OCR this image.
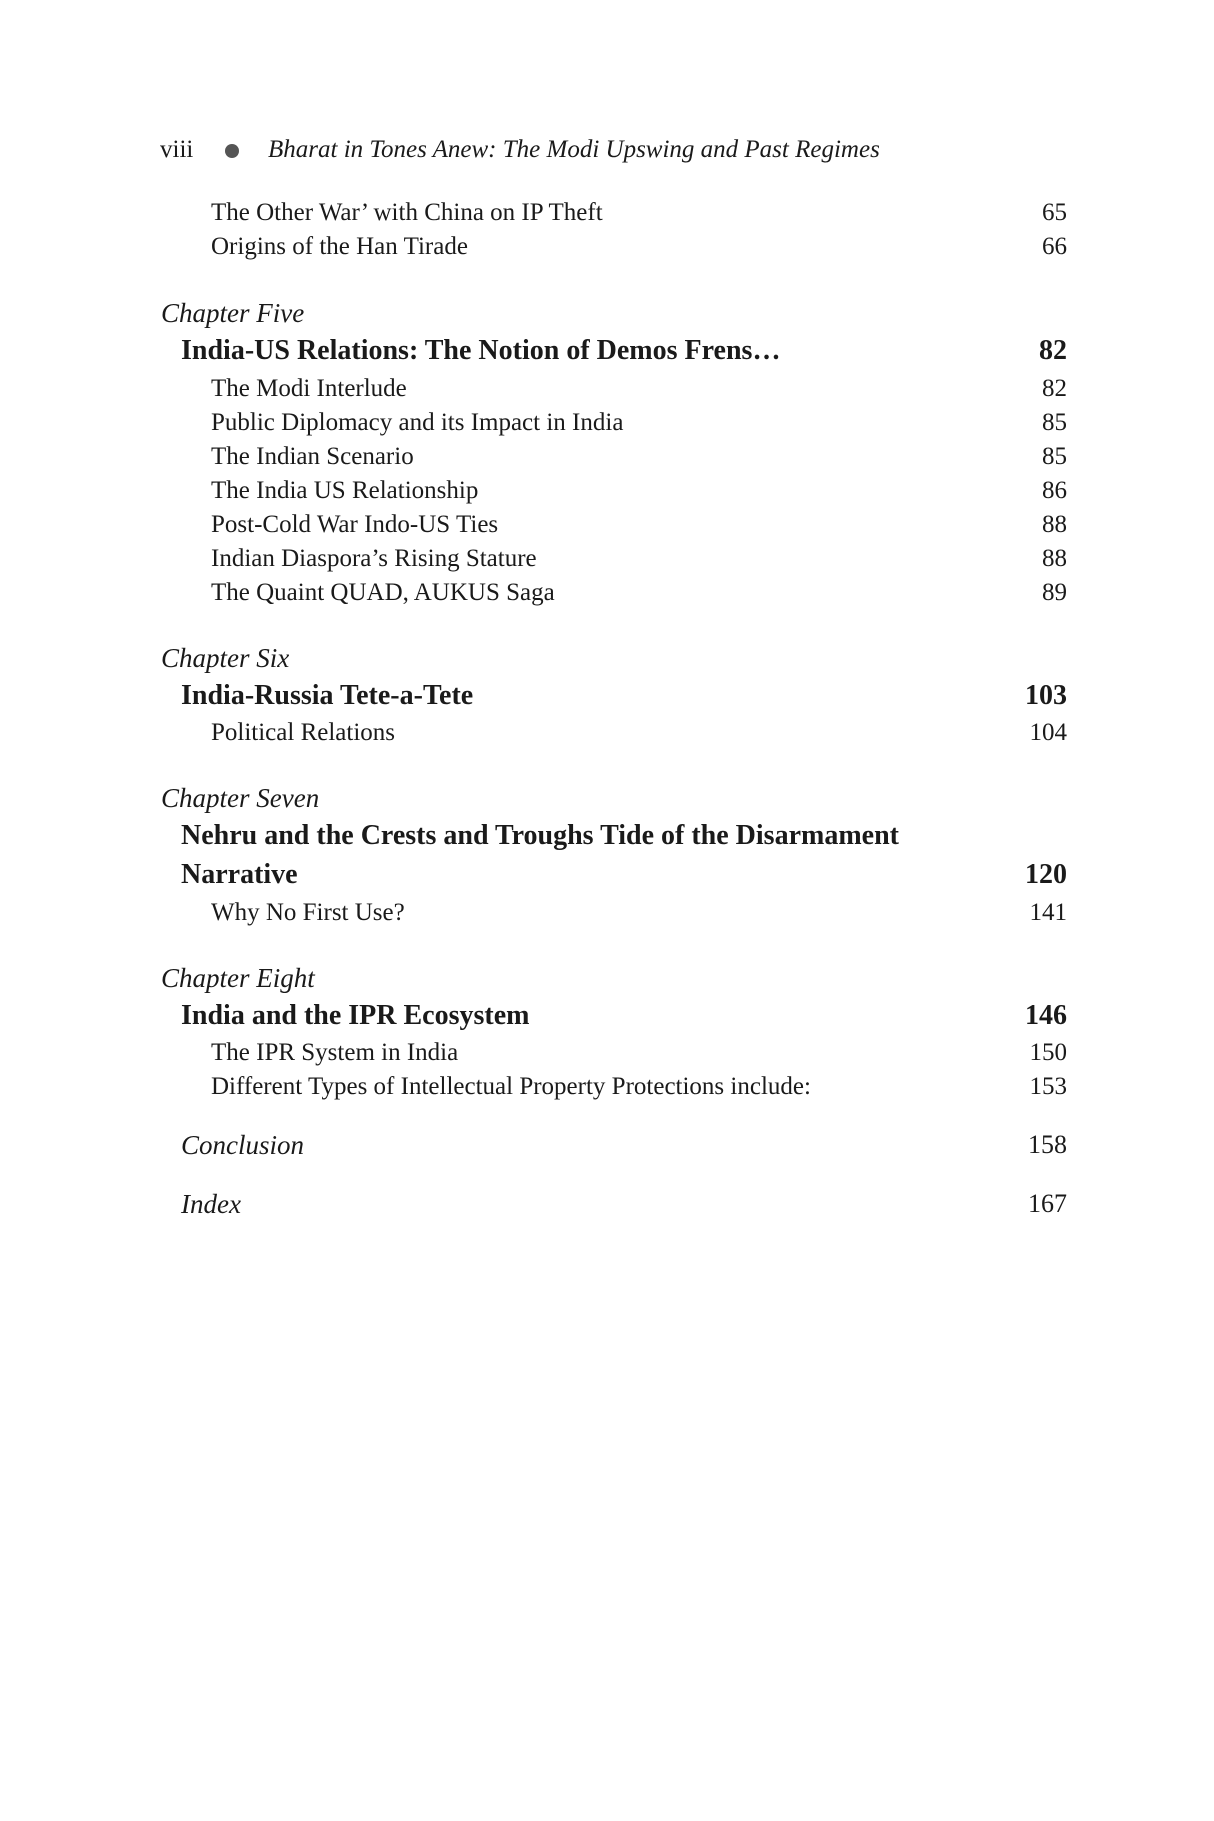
viii	Bharat in Tones Anew: The Modi Upswing and Past Regimes
The Other War’ with China on IP Theft	65
Origins of the Han Tirade	66
Chapter Five
India-US Relations: The Notion of Demos Frens…	82
The Modi Interlude	82
Public Diplomacy and its Impact in India	85
The Indian Scenario	85
The India US Relationship	86
Post-Cold War Indo-US Ties	88
Indian Diaspora’s Rising Stature	88
The Quaint QUAD, AUKUS Saga	89
Chapter Six
India-Russia Tete-a-Tete	103
Political Relations	104
Chapter Seven
Nehru and the Crests and Troughs Tide of the Disarmament
Narrative	120
Why No First Use?	141
Chapter Eight
India and the IPR Ecosystem	146
The IPR System in India	150
Different Types of Intellectual Property Protections include:	153
Conclusion	158
Index	167
